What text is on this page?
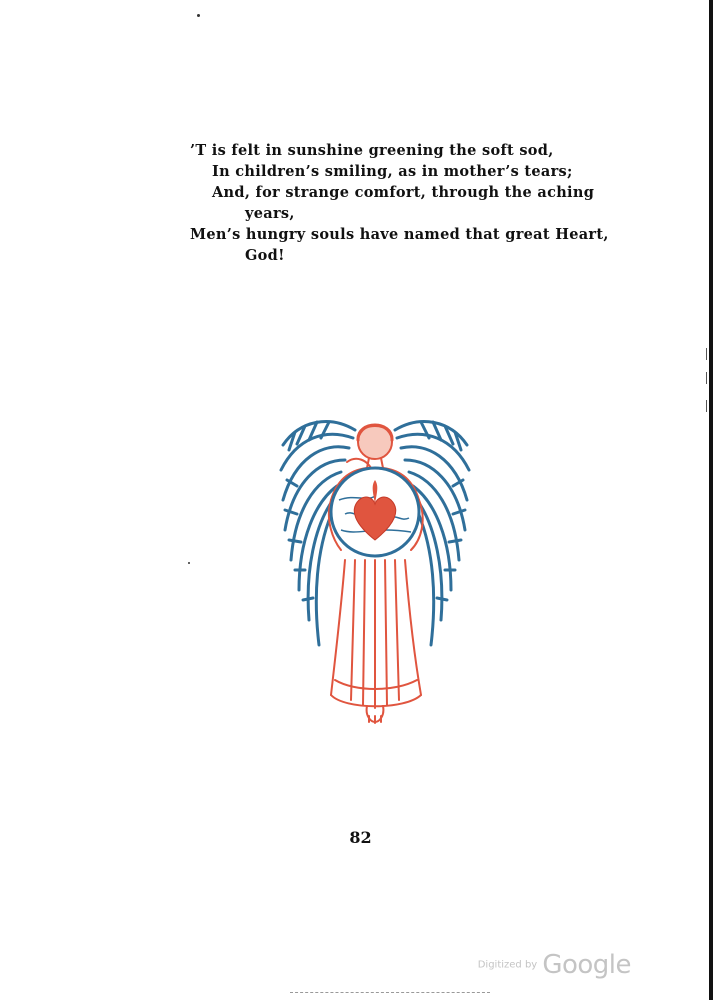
’T is felt in sunshine greening the soft sod,
In children’s smiling, as in mother’s tears;
And, for strange comfort, through the aching
years,
Men’s hungry souls have named that great Heart,
God!
82
Digitized by Google
